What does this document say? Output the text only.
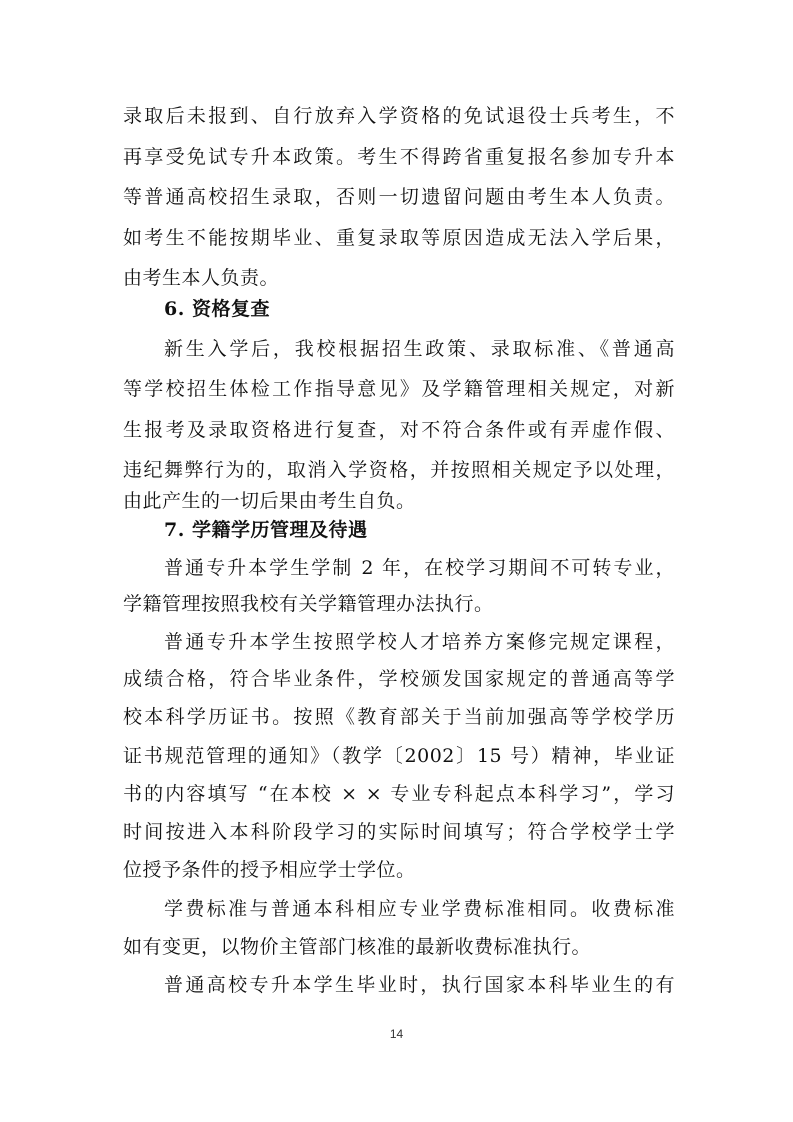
录取后未报到、自行放弃入学资格的免试退役士兵考生，不
再享受免试专升本政策。考生不得跨省重复报名参加专升本
等普通高校招生录取，否则一切遗留问题由考生本人负责。
如考生不能按期毕业、重复录取等原因造成无法入学后果，
由考生本人负责。
6. 资格复查
新生入学后，我校根据招生政策、录取标准、《普通高
等学校招生体检工作指导意见》及学籍管理相关规定，对新
生报考及录取资格进行复查，对不符合条件或有弄虚作假、
违纪舞弊行为的，取消入学资格，并按照相关规定予以处理，
由此产生的一切后果由考生自负。
7. 学籍学历管理及待遇
普通专升本学生学制 2 年，在校学习期间不可转专业，
学籍管理按照我校有关学籍管理办法执行。
普通专升本学生按照学校人才培养方案修完规定课程，
成绩合格，符合毕业条件，学校颁发国家规定的普通高等学
校本科学历证书。按照《教育部关于当前加强高等学校学历
证书规范管理的通知》（教学〔2002〕15 号）精神，毕业证
书的内容填写 “在本校 × × 专业专科起点本科学习”，学习
时间按进入本科阶段学习的实际时间填写；符合学校学士学
位授予条件的授予相应学士学位。
学费标准与普通本科相应专业学费标准相同。收费标准
如有变更，以物价主管部门核准的最新收费标准执行。
普通高校专升本学生毕业时，执行国家本科毕业生的有
14
